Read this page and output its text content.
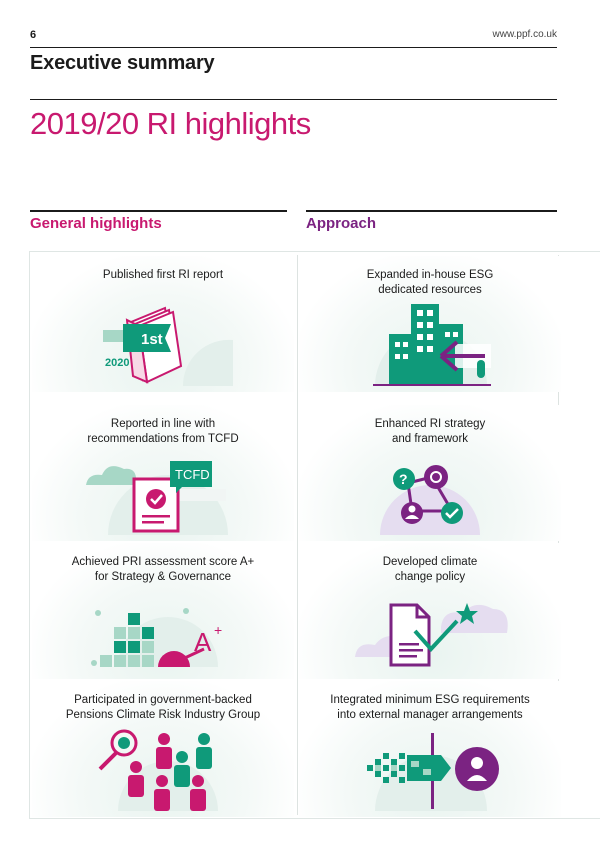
6	www.ppf.co.uk
Executive summary
2019/20 RI highlights
General highlights	Approach
Published first RI report
1st
2020
Reported in line with
recommendations from TCFD
TCFD
Achieved PRI assessment score A+
for Strategy & Governance
A +
Participated in government-backed
Pensions Climate Risk Industry Group
Expanded in-house ESG
dedicated resources
Enhanced RI strategy
and framework
?
Developed climate
change policy
Integrated minimum ESG requirements
into external manager arrangements
